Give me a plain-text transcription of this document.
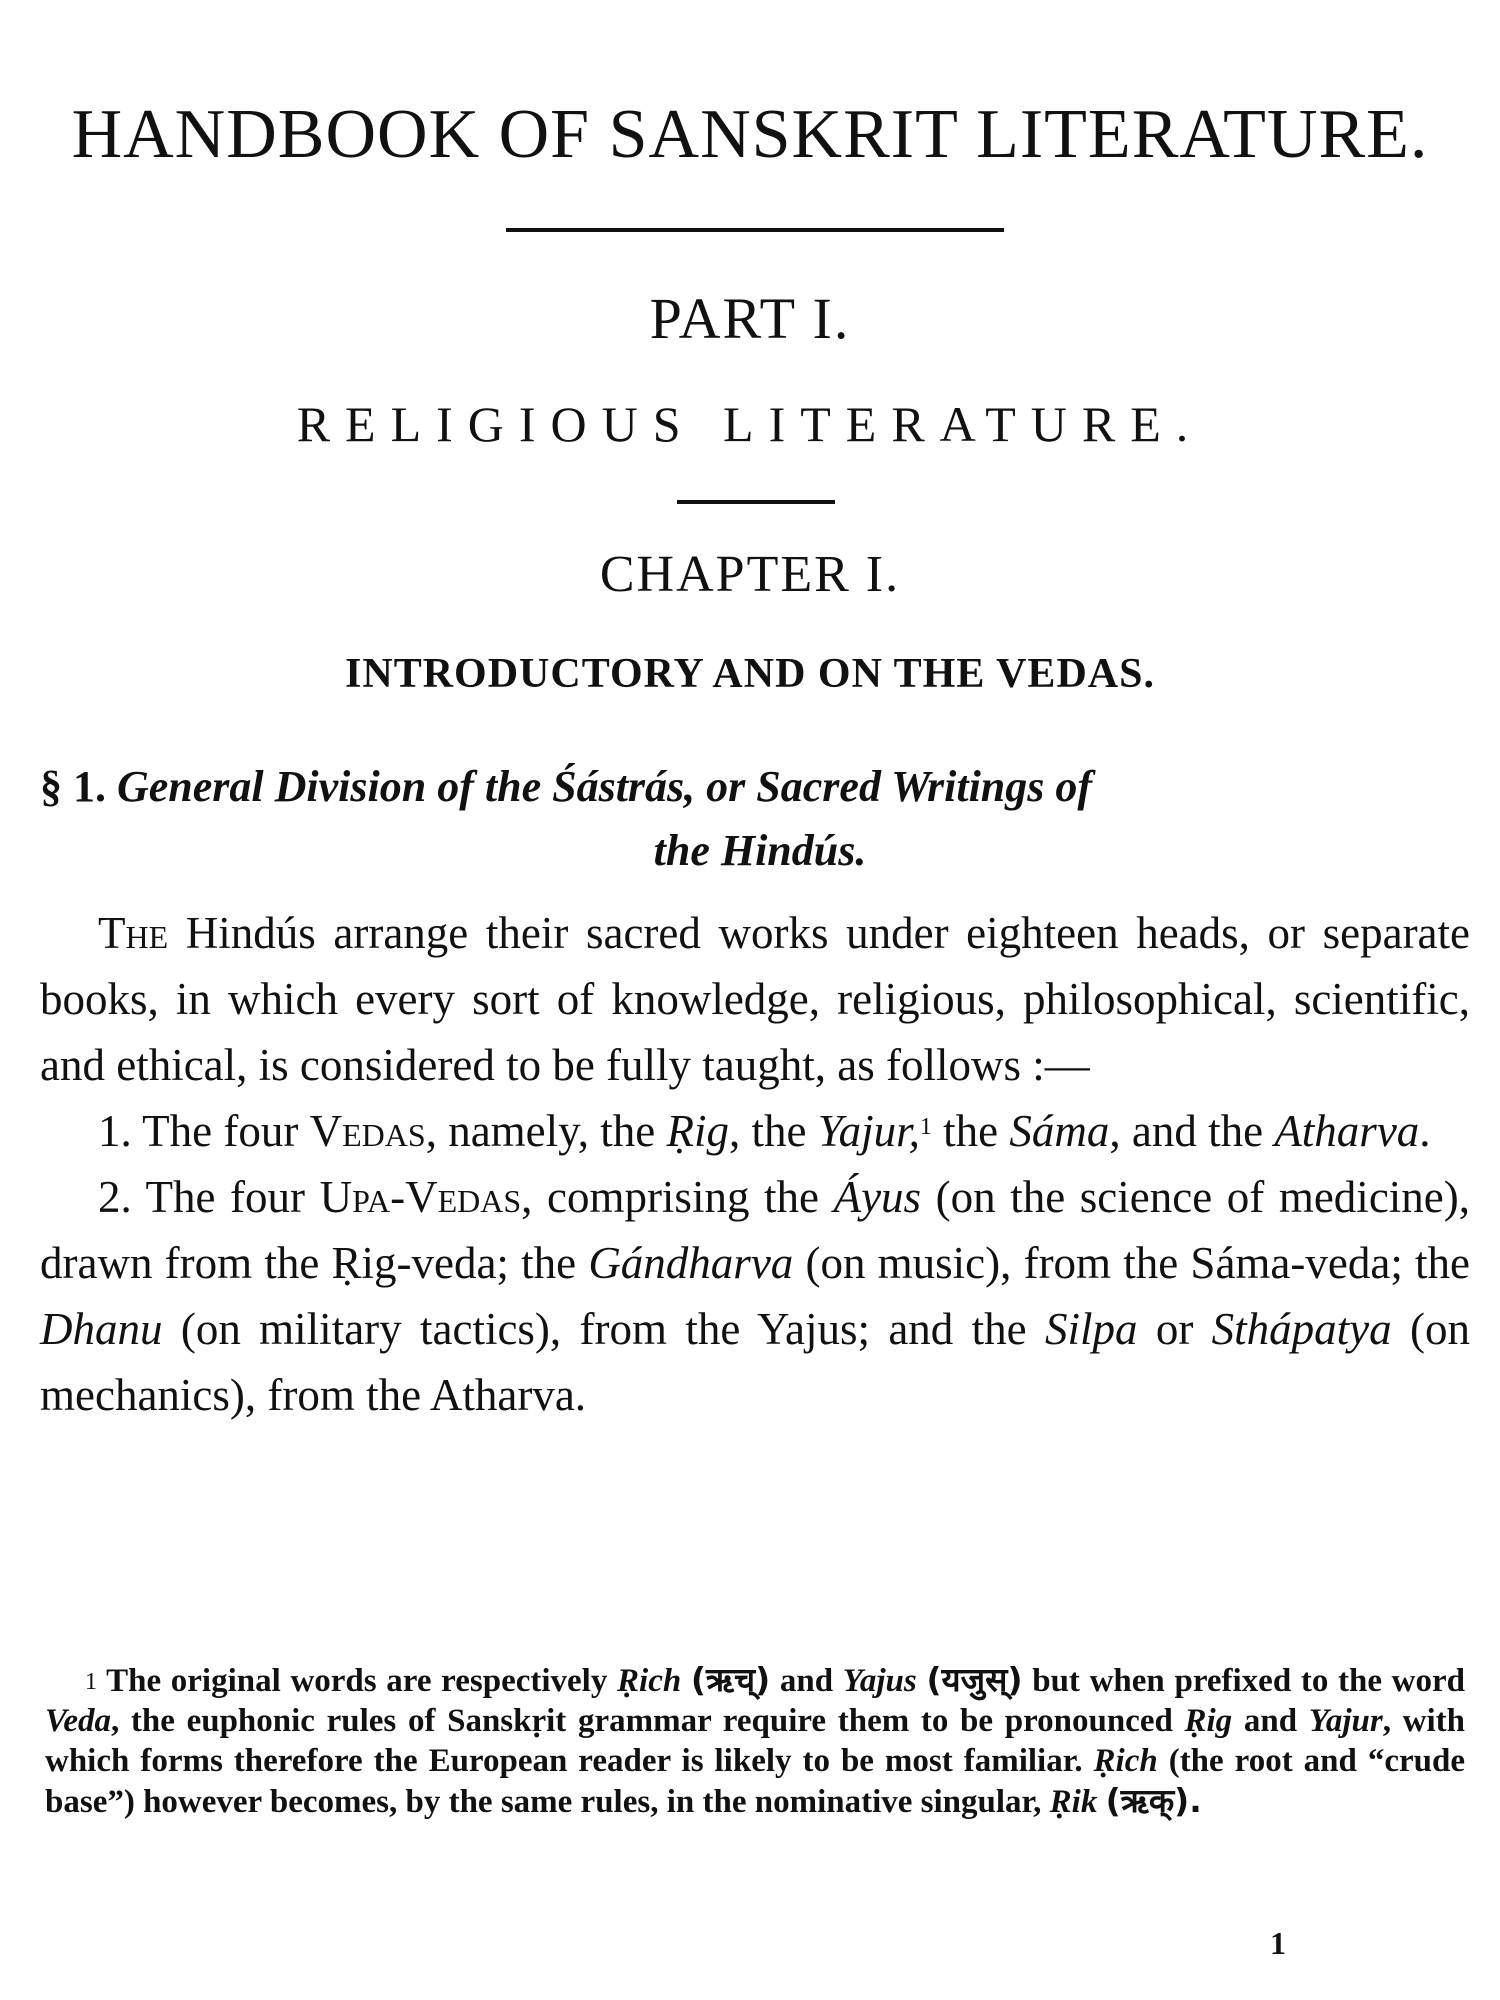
HANDBOOK OF SANSKRIT LITERATURE.
PART I.
RELIGIOUS LITERATURE.
CHAPTER I.
INTRODUCTORY AND ON THE VEDAS.
§ 1. General Division of the Śástrás, or Sacred Writings of
the Hindús.

The Hindús arrange their sacred works under eighteen heads, or separate books, in which every sort of knowledge, religious, philosophical, scientific, and ethical, is considered to be fully taught, as follows :—

1. The four Vedas, namely, the Ṛig, the Yajur,$^1$ the Sáma, and the Atharva.

2. The four Upa-Vedas, comprising the Áyus (on the science of medicine), drawn from the Ṛig-veda; the Gándharva (on music), from the Sáma-veda; the Dhanu (on military tactics), from the Yajus; and the Silpa or Sthápatya (on mechanics), from the Atharva.

$^1$ The original words are respectively Ṛich (ऋच्) and Yajus (यजुस्) but when prefixed to the word Veda, the euphonic rules of Sanskṛit grammar require them to be pronounced Ṛig and Yajur, with which forms therefore the European reader is likely to be most familiar. Ṛich (the root and “crude base”) however becomes, by the same rules, in the nominative singular, Ṛik (ऋक्).

1
